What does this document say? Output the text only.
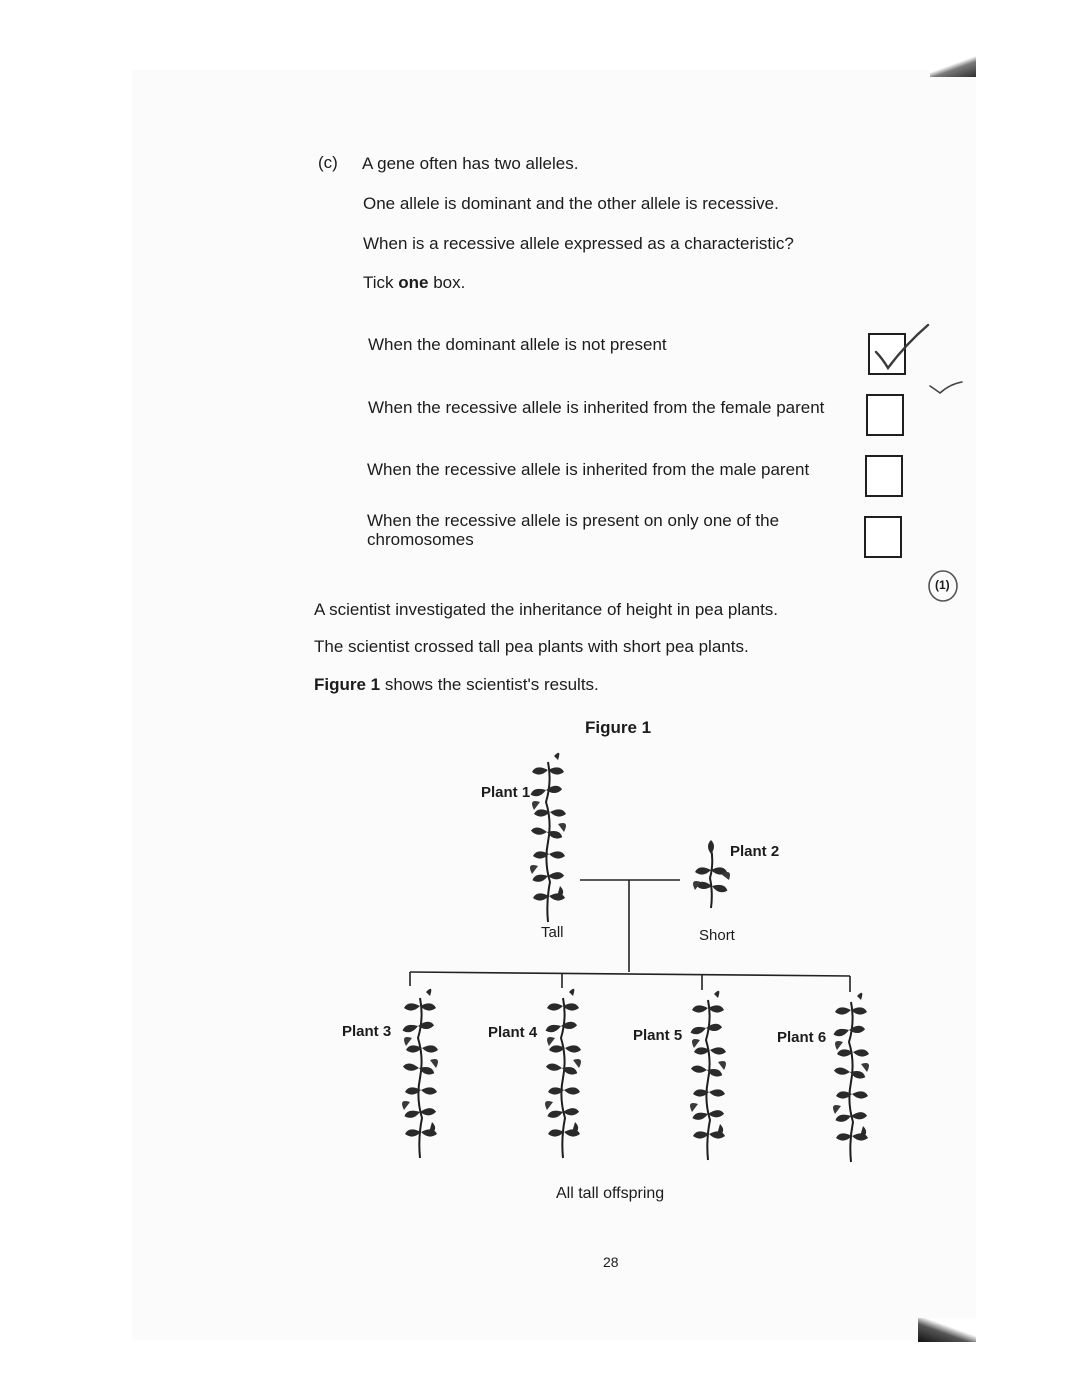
(c) A gene often has two alleles.
One allele is dominant and the other allele is recessive.
When is a recessive allele expressed as a characteristic?
Tick one box.
When the dominant allele is not present
When the recessive allele is inherited from the female parent
When the recessive allele is inherited from the male parent
When the recessive allele is present on only one of the chromosomes
(1)
A scientist investigated the inheritance of height in pea plants.
The scientist crossed tall pea plants with short pea plants.
Figure 1 shows the scientist's results.
Figure 1
Plant 1
Tall
Plant 2
Short
Plant 3	Plant 4	Plant 5	Plant 6
All tall offspring
28
